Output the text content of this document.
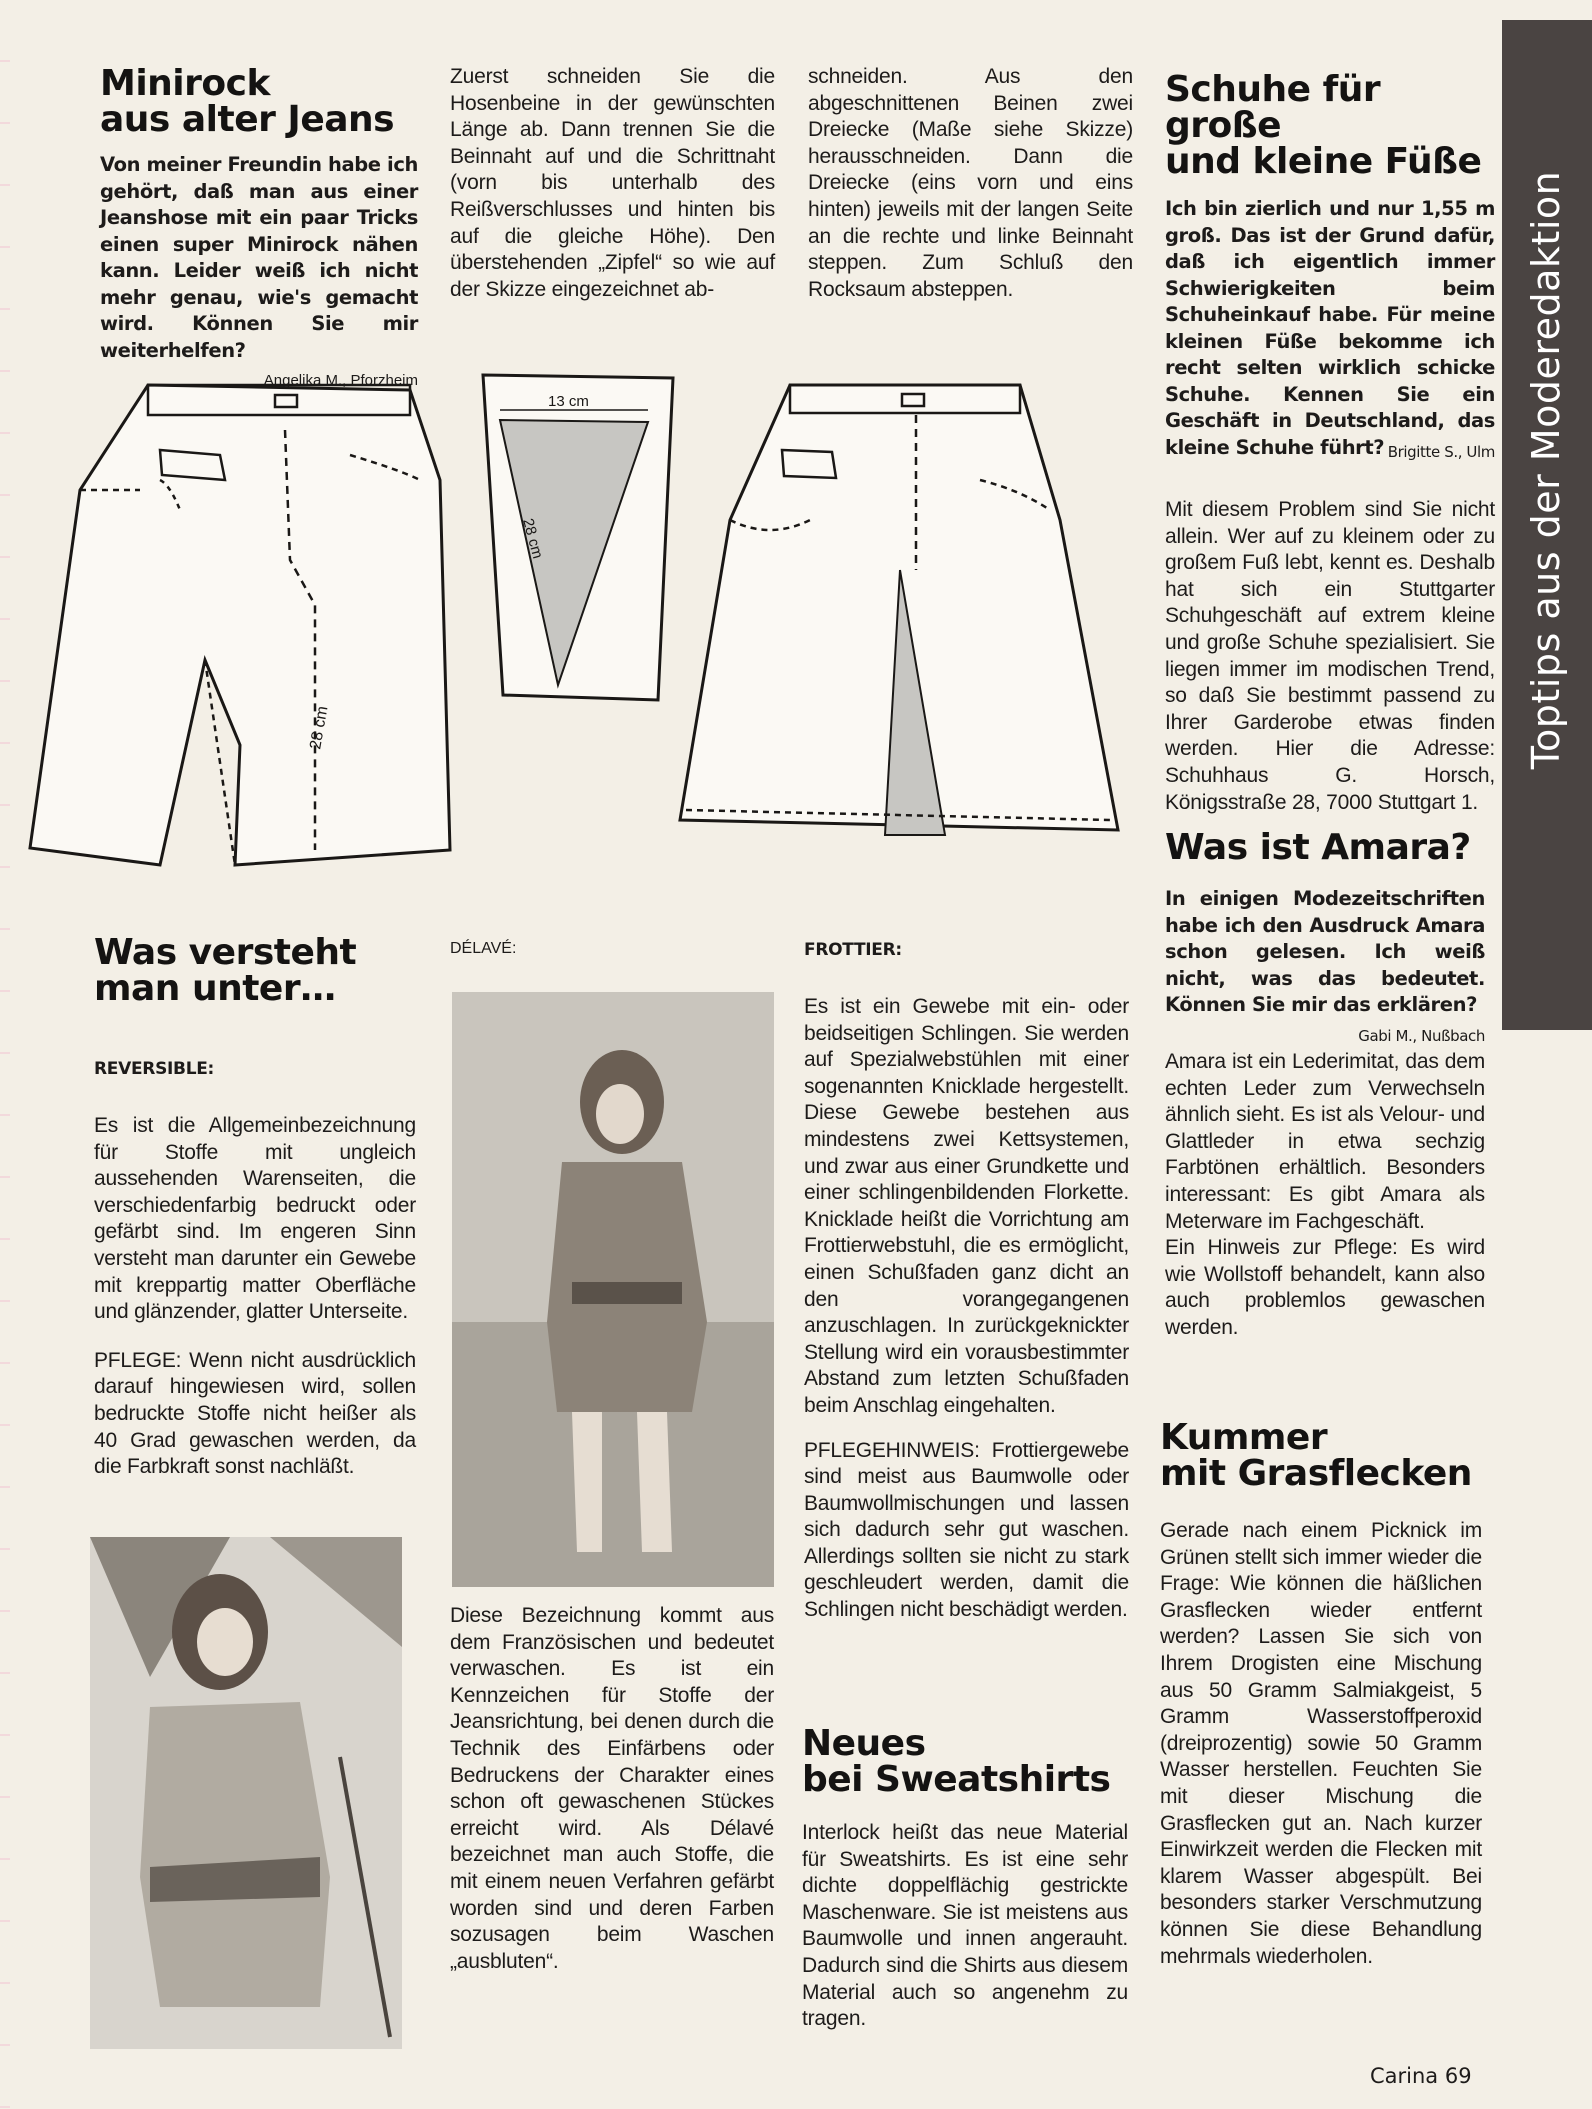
Toptips aus der Moderedaktion
Minirock
aus alter Jeans

Von meiner Freundin habe ich gehört, daß man aus einer Jeanshose mit ein paar Tricks einen super Minirock nähen kann. Leider weiß ich nicht mehr genau, wie's gemacht wird. Können Sie mir weiterhelfen?

Angelika M., Pforzheim

Zuerst schneiden Sie die Hosenbeine in der gewünschten Länge ab. Dann trennen Sie die Beinnaht auf und die Schrittnaht (vorn bis unterhalb des Reißverschlusses und hinten bis auf die gleiche Höhe). Den überstehenden „Zipfel“ so wie auf der Skizze eingezeichnet ab-

schneiden. Aus den abgeschnittenen Beinen zwei Dreiecke (Maße siehe Skizze) herausschneiden. Dann die Dreiecke (eins vorn und eins hinten) jeweils mit der langen Seite an die rechte und linke Beinnaht steppen. Zum Schluß den Rocksaum absteppen.

28 cm
13 cm
28 cm
Schuhe für große
und kleine Füße

Ich bin zierlich und nur 1,55 m groß. Das ist der Grund dafür, daß ich eigentlich immer Schwierigkeiten beim Schuheinkauf habe. Für meine kleinen Füße bekomme ich recht selten wirklich schicke Schuhe. Kennen Sie ein Geschäft in Deutschland, das kleine Schuhe führt? Brigitte S., Ulm

Mit diesem Problem sind Sie nicht allein. Wer auf zu kleinem oder zu großem Fuß lebt, kennt es. Deshalb hat sich ein Stuttgarter Schuhgeschäft auf extrem kleine und große Schuhe spezialisiert. Sie liegen immer im modischen Trend, so daß Sie bestimmt passend zu Ihrer Garderobe etwas finden werden. Hier die Adresse: Schuhhaus G. Horsch, Königsstraße 28, 7000 Stuttgart 1.

Was ist Amara?

In einigen Modezeitschriften habe ich den Ausdruck Amara schon gelesen. Ich weiß nicht, was das bedeutet. Können Sie mir das erklären?
Gabi M., Nußbach

Amara ist ein Lederimitat, das dem echten Leder zum Verwechseln ähnlich sieht. Es ist als Velour- und Glattleder in etwa sechzig Farbtönen erhältlich. Besonders interessant: Es gibt Amara als Meterware im Fachgeschäft.

Ein Hinweis zur Pflege: Es wird wie Wollstoff behandelt, kann also auch problemlos gewaschen werden.

Kummer
mit Grasflecken

Gerade nach einem Picknick im Grünen stellt sich immer wieder die Frage: Wie können die häßlichen Grasflecken wieder entfernt werden? Lassen Sie sich von Ihrem Drogisten eine Mischung aus 50 Gramm Salmiakgeist, 5 Gramm Wasserstoffperoxid (dreiprozentig) sowie 50 Gramm Wasser herstellen. Feuchten Sie mit dieser Mischung die Grasflecken gut an. Nach kurzer Einwirkzeit werden die Flecken mit klarem Wasser abgespült. Bei besonders starker Verschmutzung können Sie diese Behandlung mehrmals wiederholen.

Was versteht
man unter…

REVERSIBLE:

Es ist die Allgemeinbezeichnung für Stoffe mit ungleich aussehenden Warenseiten, die verschiedenfarbig bedruckt oder gefärbt sind. Im engeren Sinn versteht man darunter ein Gewebe mit kreppartig matter Oberfläche und glänzender, glatter Unterseite.

PFLEGE: Wenn nicht ausdrücklich darauf hingewiesen wird, sollen bedruckte Stoffe nicht heißer als 40 Grad gewaschen werden, da die Farbkraft sonst nachläßt.

DÉLAVÉ:

Diese Bezeichnung kommt aus dem Französischen und bedeutet verwaschen. Es ist ein Kennzeichen für Stoffe der Jeansrichtung, bei denen durch die Technik des Einfärbens oder Bedruckens der Charakter eines schon oft gewaschenen Stückes erreicht wird. Als Délavé bezeichnet man auch Stoffe, die mit einem neuen Verfahren gefärbt worden sind und deren Farben sozusagen beim Waschen „ausbluten“.

FROTTIER:

Es ist ein Gewebe mit ein- oder beidseitigen Schlingen. Sie werden auf Spezialwebstühlen mit einer sogenannten Knicklade hergestellt. Diese Gewebe bestehen aus mindestens zwei Kettsystemen, und zwar aus einer Grundkette und einer schlingenbildenden Florkette. Knicklade heißt die Vorrichtung am Frottierwebstuhl, die es ermöglicht, einen Schußfaden ganz dicht an den vorangegangenen anzuschlagen. In zurückgeknickter Stellung wird ein vorausbestimmter Abstand zum letzten Schußfaden beim Anschlag eingehalten.

PFLEGEHINWEIS: Frottiergewebe sind meist aus Baumwolle oder Baumwollmischungen und lassen sich dadurch sehr gut waschen. Allerdings sollten sie nicht zu stark geschleudert werden, damit die Schlingen nicht beschädigt werden.

Neues
bei Sweatshirts

Interlock heißt das neue Material für Sweatshirts. Es ist eine sehr dichte doppelflächig gestrickte Maschenware. Sie ist meistens aus Baumwolle und innen angerauht. Dadurch sind die Shirts aus diesem Material auch so angenehm zu tragen.

Carina 69
